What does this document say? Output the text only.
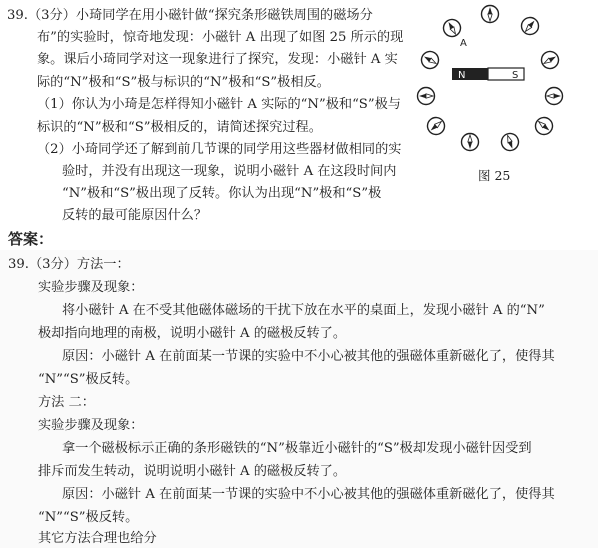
39.（3分）小琦同学在用小磁针做“探究条形磁铁周围的磁场分
布”的实验时，惊奇地发现：小磁针 A 出现了如图 25 所示的现
象。课后小琦同学对这一现象进行了探究，发现：小磁针 A 实
际的“N”极和“S”极与标识的“N”极和“S”极相反。
（1）你认为小琦是怎样得知小磁针 A 实际的“N”极和“S”极与
标识的“N”极和“S”极相反的，请简述探究过程。
（2）小琦同学还了解到前几节课的同学用这些器材做相同的实
验时，并没有出现这一现象，说明小磁针 A 在这段时间内
“N”极和“S”极出现了反转。你认为出现“N”极和“S”极
反转的最可能原因什么？
N	S
A
图 25
答案：
39.（3分）方法一：
实验步骤及现象：
将小磁针 A 在不受其他磁体磁场的干扰下放在水平的桌面上，发现小磁针 A 的“N”
极却指向地理的南极，说明小磁针 A 的磁极反转了。
原因：小磁针 A 在前面某一节课的实验中不小心被其他的强磁体重新磁化了，使得其
“N”“S”极反转。
方法 二：
实验步骤及现象：
拿一个磁极标示正确的条形磁铁的“N”极靠近小磁针的“S”极却发现小磁针因受到
排斥而发生转动，说明说明小磁针 A 的磁极反转了。
原因：小磁针 A 在前面某一节课的实验中不小心被其他的强磁体重新磁化了，使得其
“N”“S”极反转。
其它方法合理也给分
